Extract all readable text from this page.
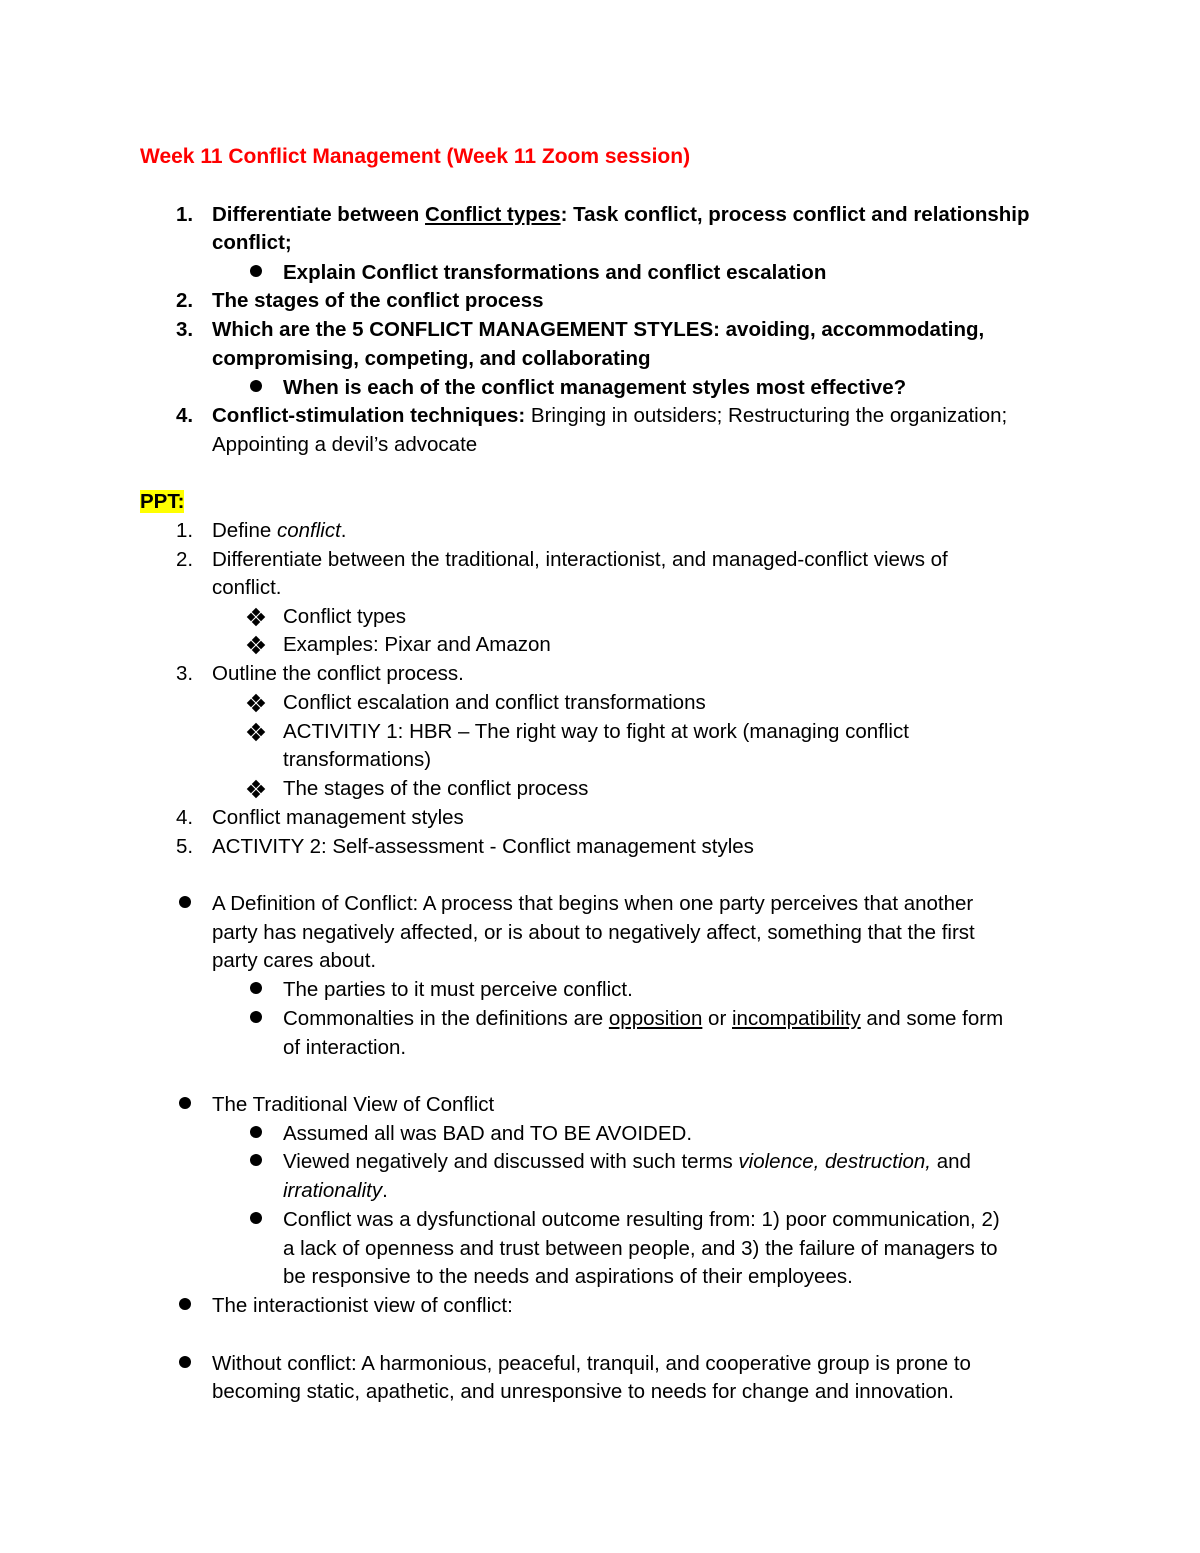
Week 11 Conflict Management (Week 11 Zoom session)
1. Differentiate between Conflict types: Task conflict, process conflict and relationship
conflict;
Explain Conflict transformations and conflict escalation
2. The stages of the conflict process
3. Which are the 5 CONFLICT MANAGEMENT STYLES: avoiding, accommodating,
compromising, competing, and collaborating
When is each of the conflict management styles most effective?
4. Conflict-stimulation techniques: Bringing in outsiders; Restructuring the organization;
Appointing a devil’s advocate
PPT:
1. Define conflict.
2. Differentiate between the traditional, interactionist, and managed-conflict views of
conflict.
Conflict types
Examples: Pixar and Amazon
3. Outline the conflict process.
Conflict escalation and conflict transformations
ACTIVITIY 1: HBR – The right way to fight at work (managing conflict
transformations)
The stages of the conflict process
4. Conflict management styles
5. ACTIVITY 2: Self-assessment - Conflict management styles
A Definition of Conflict: A process that begins when one party perceives that another
party has negatively affected, or is about to negatively affect, something that the first
party cares about.
The parties to it must perceive conflict.
Commonalties in the definitions are opposition or incompatibility and some form
of interaction.
The Traditional View of Conflict
Assumed all was BAD and TO BE AVOIDED.
Viewed negatively and discussed with such terms violence, destruction, and
irrationality.
Conflict was a dysfunctional outcome resulting from: 1) poor communication, 2)
a lack of openness and trust between people, and 3) the failure of managers to
be responsive to the needs and aspirations of their employees.
The interactionist view of conflict:
Without conflict: A harmonious, peaceful, tranquil, and cooperative group is prone to
becoming static, apathetic, and unresponsive to needs for change and innovation.
